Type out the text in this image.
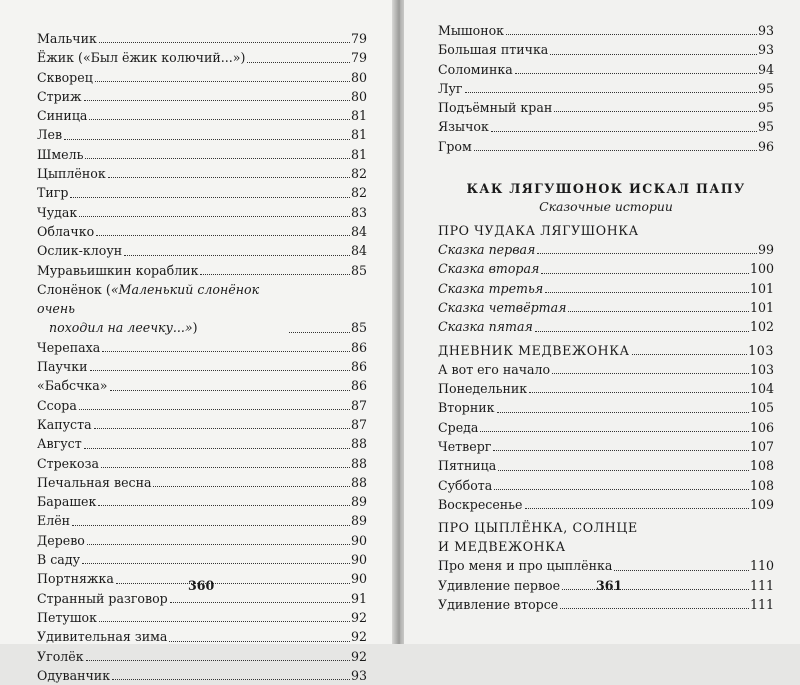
Мальчик	79
Ёжик («Был ёжик колючий...»)	79
Скворец	80
Стриж	80
Синица	81
Лев	81
Шмель	81
Цыплёнок	82
Тигр	82
Чудак	83
Облачко	84
Ослик-клоун	84
Муравьишкин кораблик	85
Слонёнок («Маленький слонёнок очень
походил на леечку...»)	85
Черепаха	86
Паучки	86
«Бабсчка»	86
Ссора	87
Капуста	87
Август	88
Стрекоза	88
Печальная весна	88
Барашек	89
Елён	89
Дерево	90
В саду	90
Портняжка	90
Странный разговор	91
Петушок	92
Удивительная зима	92
Уголёк	92
Одуванчик	93
360
Мышонок	93
Большая птичка	93
Соломинка	94
Луг	95
Подъёмный кран	95
Язычок	95
Гром	96
КАК ЛЯГУШОНОК ИСКАЛ ПАПУ
Сказочные истории
ПРО ЧУДАКА ЛЯГУШОНКА
Сказка первая	99
Сказка вторая	100
Сказка третья	101
Сказка четвёртая	101
Сказка пятая	102
ДНЕВНИК МЕДВЕЖОНКА	103
А вот его начало	103
Понедельник	104
Вторник	105
Среда	106
Четверг	107
Пятница	108
Суббота	108
Воскресенье	109
ПРО ЦЫПЛЁНКА, СОЛНЦЕ
И МЕДВЕЖОНКА
Про меня и про цыплёнка	110
Удивление первое	111
Удивление вторсе	111
361
